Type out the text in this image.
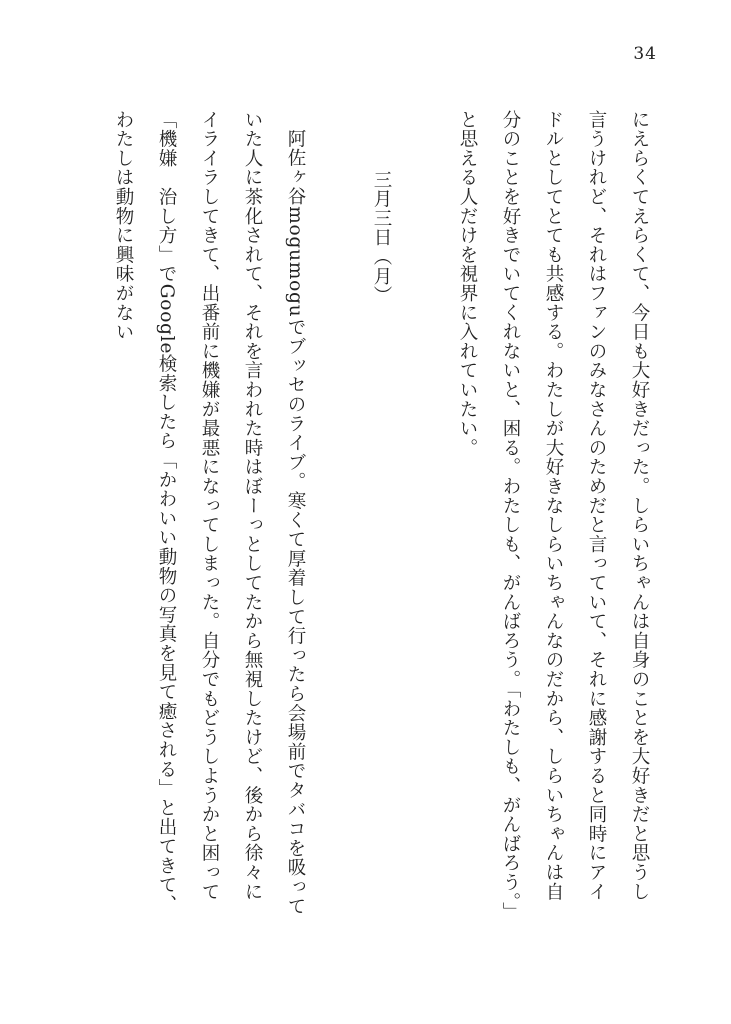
34

にえらくてえらくて、今日も大好きだった。しらいちゃんは自身のことを大好きだと思うし言うけれど、それはファンのみなさんのためだと言っていて、それに感謝すると同時にアイドルとしてとても共感する。わたしが大好きなしらいちゃんなのだから、しらいちゃんは自分のことを好きでいてくれないと、困る。わたしも、がんばろう。「わたしも、がんばろう。」と思える人だけを視界に入れていたい。

三月三日（月）

阿佐ヶ谷mogumoguでブッセのライブ。寒くて厚着して行ったら会場前でタバコを吸っていた人に茶化されて、それを言われた時はぼーっとしてたから無視したけど、後から徐々にイライラしてきて、出番前に機嫌が最悪になってしまった。自分でもどうしようかと困って「機嫌　治し方」でGoogle検索したら「かわいい動物の写真を見て癒される」と出てきて、わたしは動物に興味がない
